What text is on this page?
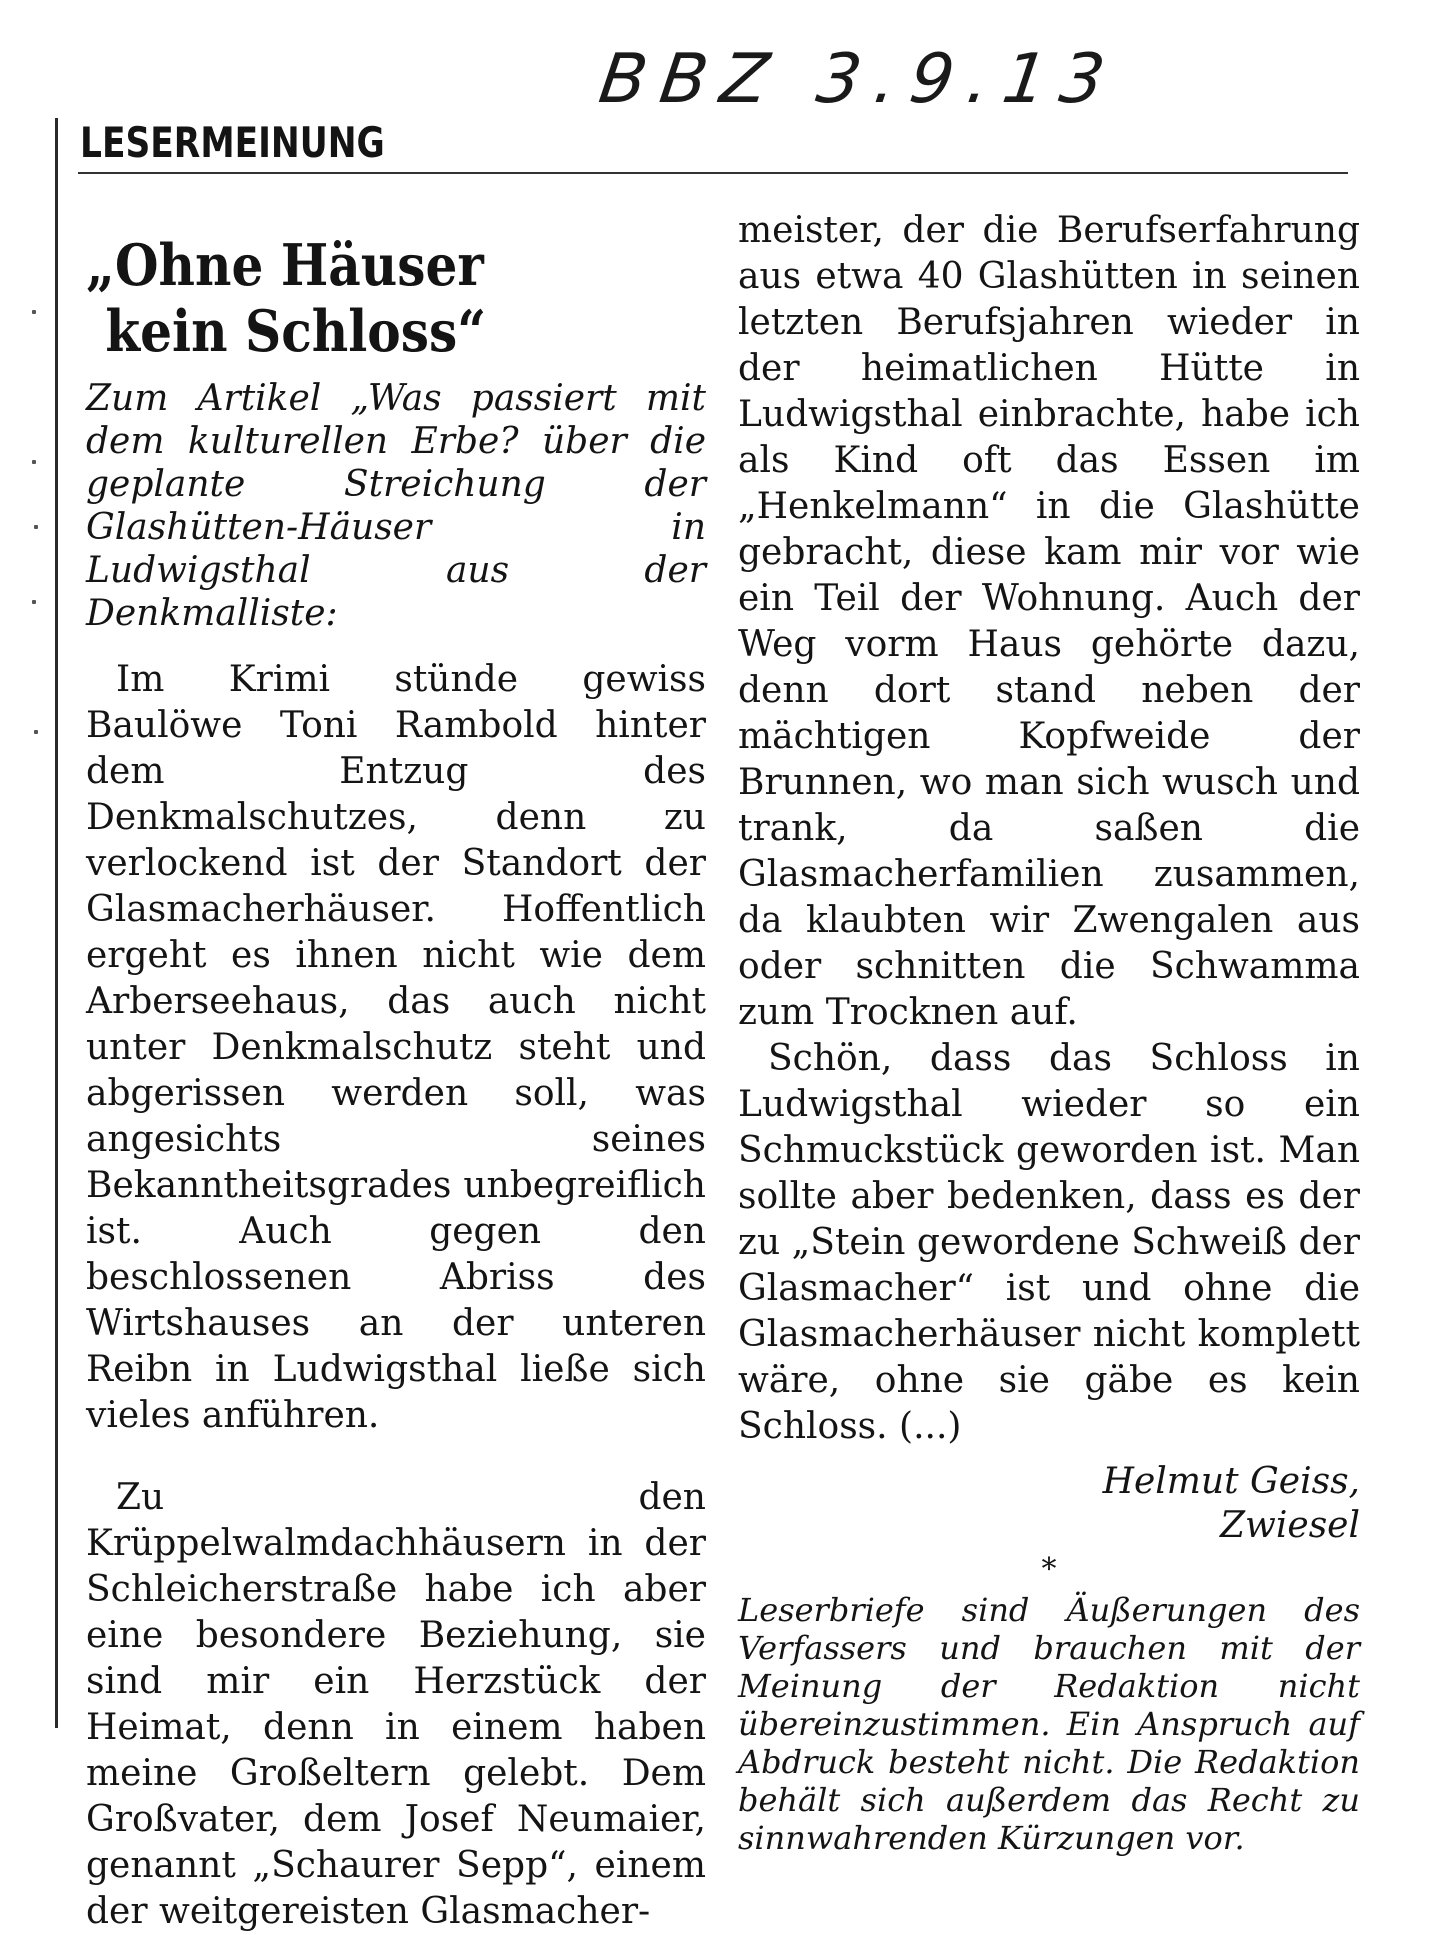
BBZ 3.9.13
LESERMEINUNG
„Ohne Häuser
kein Schloss“

Zum Artikel „Was passiert mit dem kulturellen Erbe? über die geplante Streichung der Glashütten-Häuser in Ludwigsthal aus der Denkmalliste:

Im Krimi stünde gewiss Baulöwe Toni Rambold hinter dem Entzug des Denkmalschutzes, denn zu verlockend ist der Standort der Glasmacherhäuser. Hoffentlich ergeht es ihnen nicht wie dem Arberseehaus, das auch nicht unter Denkmalschutz steht und abgerissen werden soll, was angesichts seines Bekanntheitsgrades unbegreiflich ist. Auch gegen den beschlossenen Abriss des Wirtshauses an der unteren Reibn in Ludwigsthal ließe sich vieles anführen.

Zu den Krüppelwalmdachhäusern in der Schleicherstraße habe ich aber eine besondere Beziehung, sie sind mir ein Herzstück der Heimat, denn in einem haben meine Großeltern gelebt. Dem Großvater, dem Josef Neumaier, genannt „Schaurer Sepp“, einem der weitgereisten Glasmacher-

meister, der die Berufserfahrung aus etwa 40 Glashütten in seinen letzten Berufsjahren wieder in der heimatlichen Hütte in Ludwigsthal einbrachte, habe ich als Kind oft das Essen im „Henkelmann“ in die Glashütte gebracht, diese kam mir vor wie ein Teil der Wohnung. Auch der Weg vorm Haus gehörte dazu, denn dort stand neben der mächtigen Kopfweide der Brunnen, wo man sich wusch und trank, da saßen die Glasmacherfamilien zusammen, da klaubten wir Zwengalen aus oder schnitten die Schwamma zum Trocknen auf.

Schön, dass das Schloss in Ludwigsthal wieder so ein Schmuckstück geworden ist. Man sollte aber bedenken, dass es der zu „Stein gewordene Schweiß der Glasmacher“ ist und ohne die Glasmacherhäuser nicht komplett wäre, ohne sie gäbe es kein Schloss. (...)

Helmut Geiss,

Zwiesel

*

Leserbriefe sind Äußerungen des Verfassers und brauchen mit der Meinung der Redaktion nicht übereinzustimmen. Ein Anspruch auf Abdruck besteht nicht. Die Redaktion behält sich außerdem das Recht zu sinnwahrenden Kürzungen vor.
